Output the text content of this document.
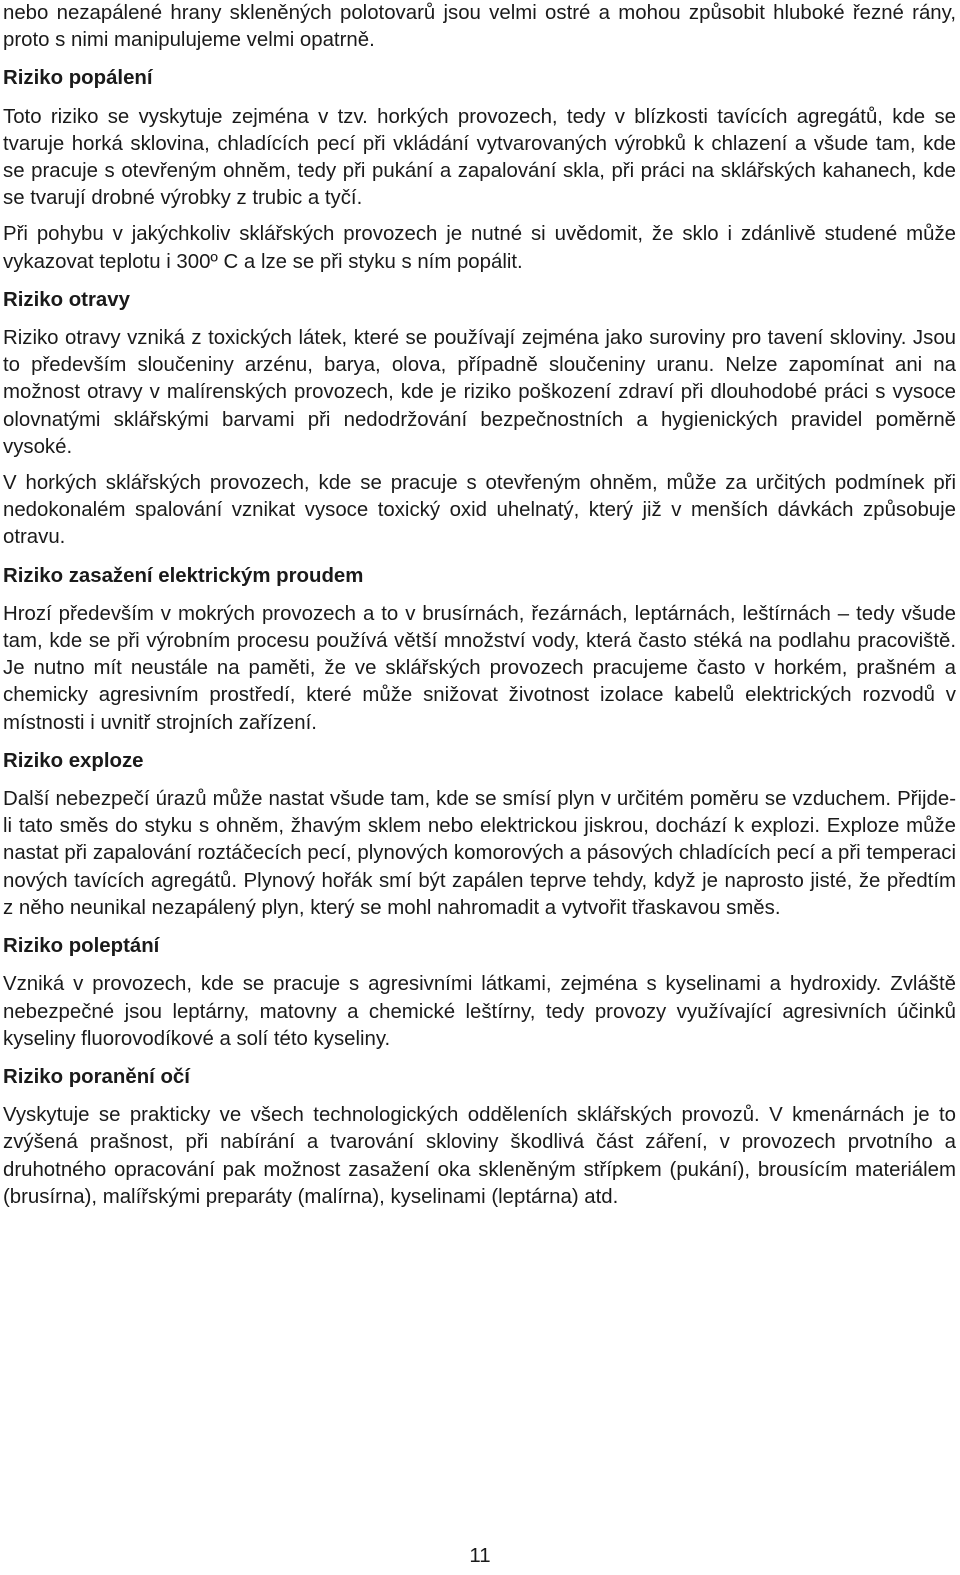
nebo nezapálené hrany skleněných polotovarů jsou velmi ostré a mohou způsobit hluboké řezné rány, proto s nimi manipulujeme velmi opatrně.

Riziko popálení

Toto riziko se vyskytuje zejména v tzv. horkých provozech, tedy v blízkosti tavících agregátů, kde se tvaruje horká sklovina, chladících pecí při vkládání vytvarovaných výrobků k chlazení a všude tam, kde se pracuje s otevřeným ohněm, tedy při pukání a zapalování skla, při práci na sklářských kahanech, kde se tvarují drobné výrobky z trubic a tyčí.

Při pohybu v jakýchkoliv sklářských provozech je nutné si uvědomit, že sklo i zdánlivě studené může vykazovat teplotu i 300º C a lze se při styku s ním popálit.

Riziko otravy

Riziko otravy vzniká z toxických látek, které se používají zejména jako suroviny pro tavení skloviny. Jsou to především sloučeniny arzénu, barya, olova, případně sloučeniny uranu. Nelze zapomínat ani na možnost otravy v malírenských provozech, kde je riziko poškození zdraví při dlouhodobé práci s vysoce olovnatými sklářskými barvami při nedodržování bezpečnostních a hygienických pravidel poměrně vysoké.

V horkých sklářských provozech, kde se pracuje s otevřeným ohněm, může za určitých podmínek při nedokonalém spalování vznikat vysoce toxický oxid uhelnatý, který již v menších dávkách způsobuje otravu.

Riziko zasažení elektrickým proudem

Hrozí především v mokrých provozech a to v brusírnách, řezárnách, leptárnách, leštírnách – tedy všude tam, kde se při výrobním procesu používá větší množství vody, která často stéká na podlahu pracoviště. Je nutno mít neustále na paměti, že ve sklářských provozech pracujeme často v horkém, prašném a chemicky agresivním prostředí, které může snižovat životnost izolace kabelů elektrických rozvodů v místnosti i uvnitř strojních zařízení.

Riziko exploze

Další nebezpečí úrazů může nastat všude tam, kde se smísí plyn v určitém poměru se vzduchem. Přijde-li tato směs do styku s ohněm, žhavým sklem nebo elektrickou jiskrou, dochází k explozi. Exploze může nastat při zapalování roztáčecích pecí, plynových komorových a pásových chladících pecí a při temperaci nových tavících agregátů. Plynový hořák smí být zapálen teprve tehdy, když je naprosto jisté, že předtím z něho neunikal nezapálený plyn, který se mohl nahromadit a vytvořit třaskavou směs.

Riziko poleptání

Vzniká v provozech, kde se pracuje s agresivními látkami, zejména s kyselinami a hydroxidy. Zvláště nebezpečné jsou leptárny, matovny a chemické leštírny, tedy provozy využívající agresivních účinků kyseliny fluorovodíkové a solí této kyseliny.

Riziko poranění očí

Vyskytuje se prakticky ve všech technologických odděleních sklářských provozů. V kmenárnách je to zvýšená prašnost, při nabírání a tvarování skloviny škodlivá část záření, v provozech prvotního a druhotného opracování pak možnost zasažení oka skleněným střípkem (pukání), brousícím materiálem (brusírna), malířskými preparáty (malírna), kyselinami (leptárna) atd.

11
